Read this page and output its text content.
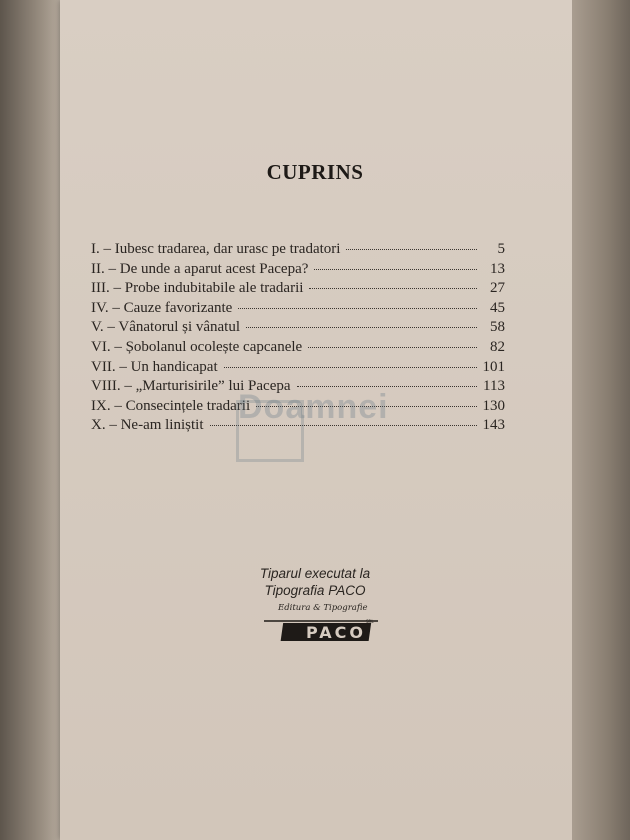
CUPRINS
I. – Iubesc tradarea, dar urasc pe tradatori	5
II. – De unde a aparut acest Pacepa?	13
III. – Probe indubitabile ale tradarii	27
IV. – Cauze favorizante	45
V. – Vânatorul și vânatul	58
VI. – Șobolanul ocolește capcanele	82
VII. – Un handicapat	101
VIII. – „Marturisirile” lui Pacepa	113
IX. – Consecințele tradarii	130
X. – Ne-am liniștit	143
Doamnei
Tiparul executat la
Tipografia PACO
Editura & Tipografie
PACO
SRL
